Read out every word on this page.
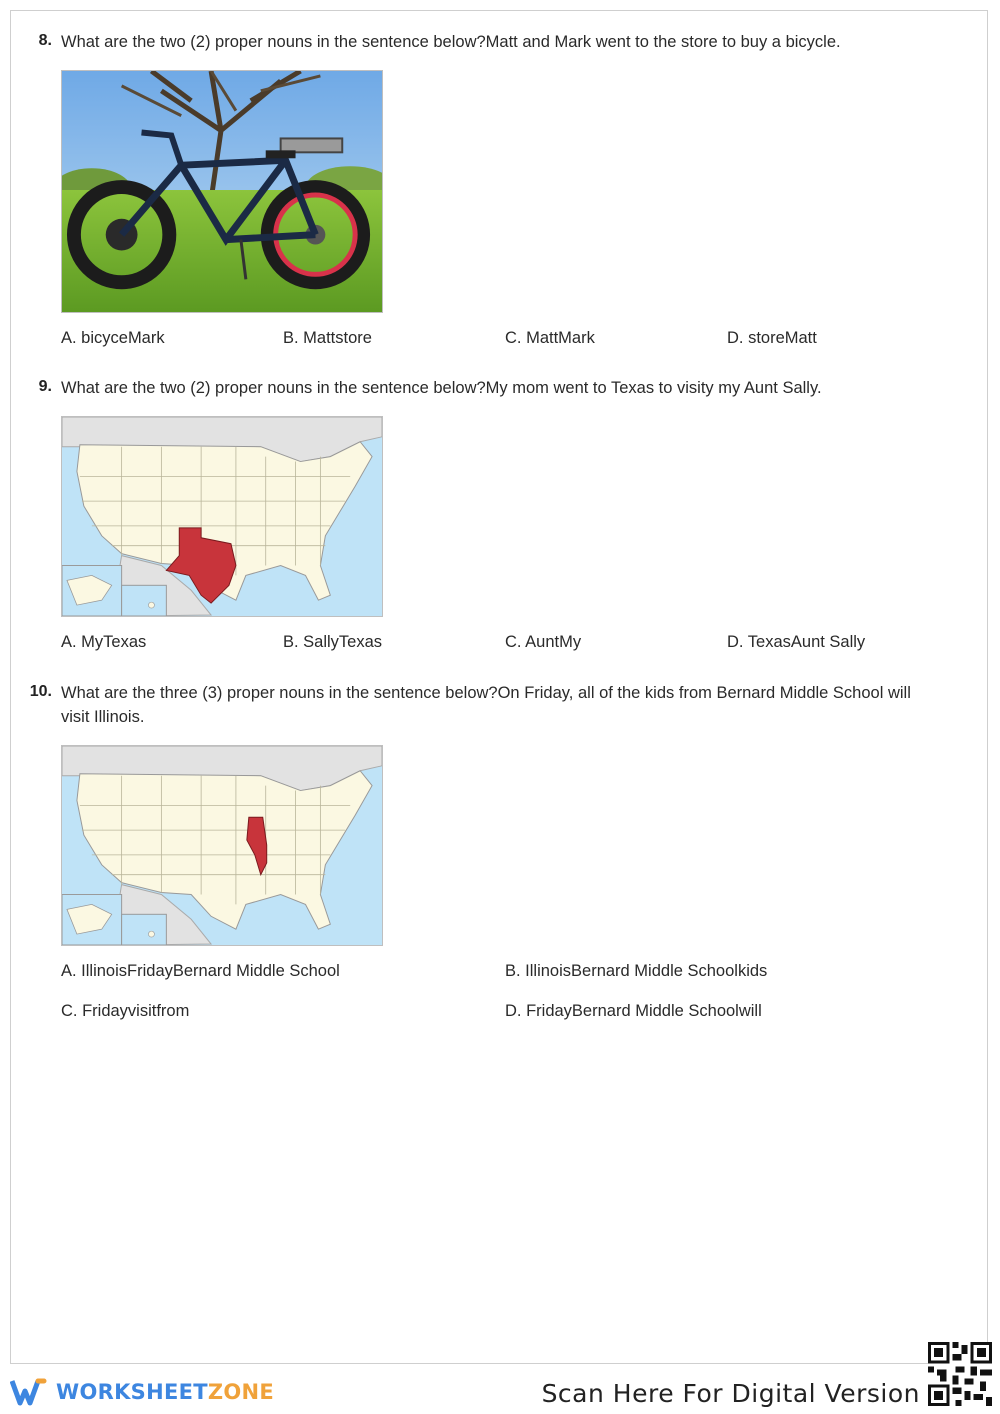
8. What are the two (2) proper nouns in the sentence below?Matt and Mark went to the store to buy a bicycle.
A. bicyceMark	B. Mattstore	C. MattMark	D. storeMatt
9. What are the two (2) proper nouns in the sentence below?My mom went to Texas to visity my Aunt Sally.
A. MyTexas	B. SallyTexas	C. AuntMy	D. TexasAunt Sally
10. What are the three (3) proper nouns in the sentence below?On Friday, all of the kids from Bernard Middle School will visit Illinois.
A. IllinoisFridayBernard Middle School	B. IllinoisBernard Middle Schoolkids
C. Fridayvisitfrom	D. FridayBernard Middle Schoolwill
WORKSHEETZONE	Scan Here For Digital Version
